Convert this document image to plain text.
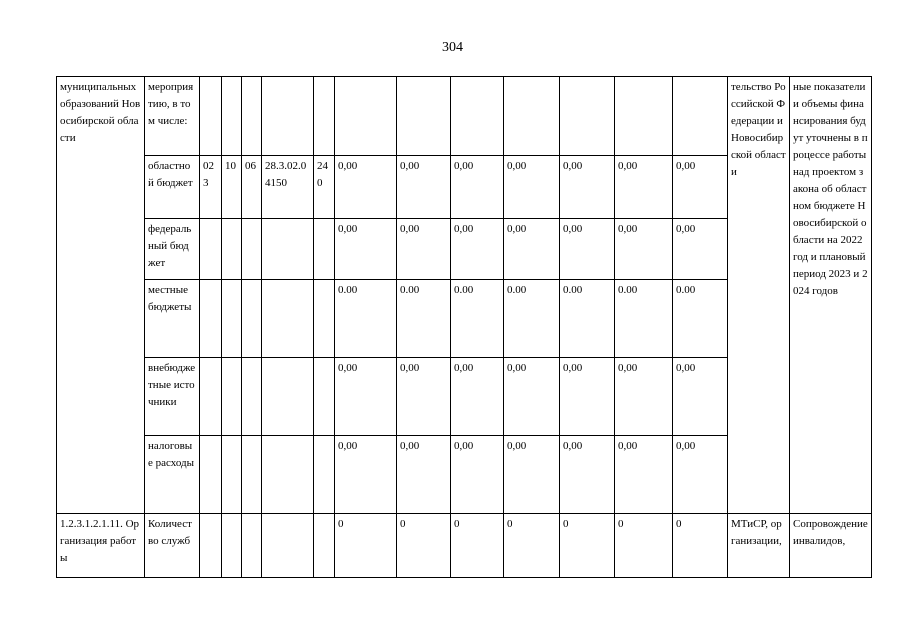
304
муниципальных образований Новосибирской области	мероприятию, в том числе:													тельство Российской Федерации и Новосибирской области	ные показатели и объемы финансирования будут уточнены в процессе работы над проектом закона об областном бюджете Новосибирской области на 2022 год и плановый период 2023 и 2024 годов
	областной бюджет	023	10	06	28.3.02.04150	240	0,00	0,00	0,00	0,00	0,00	0,00	0,00		
	федеральный бюджет						0,00	0,00	0,00	0,00	0,00	0,00	0,00		
	местные бюджеты						0.00	0.00	0.00	0.00	0.00	0.00	0.00		
	внебюджетные источники						0,00	0,00	0,00	0,00	0,00	0,00	0,00		
	налоговые расходы						0,00	0,00	0,00	0,00	0,00	0,00	0,00		
1.2.3.1.2.1.11. Организация работы	Количество служб						0	0	0	0	0	0	0	МТиСР, организации,	Сопровождение инвалидов,
